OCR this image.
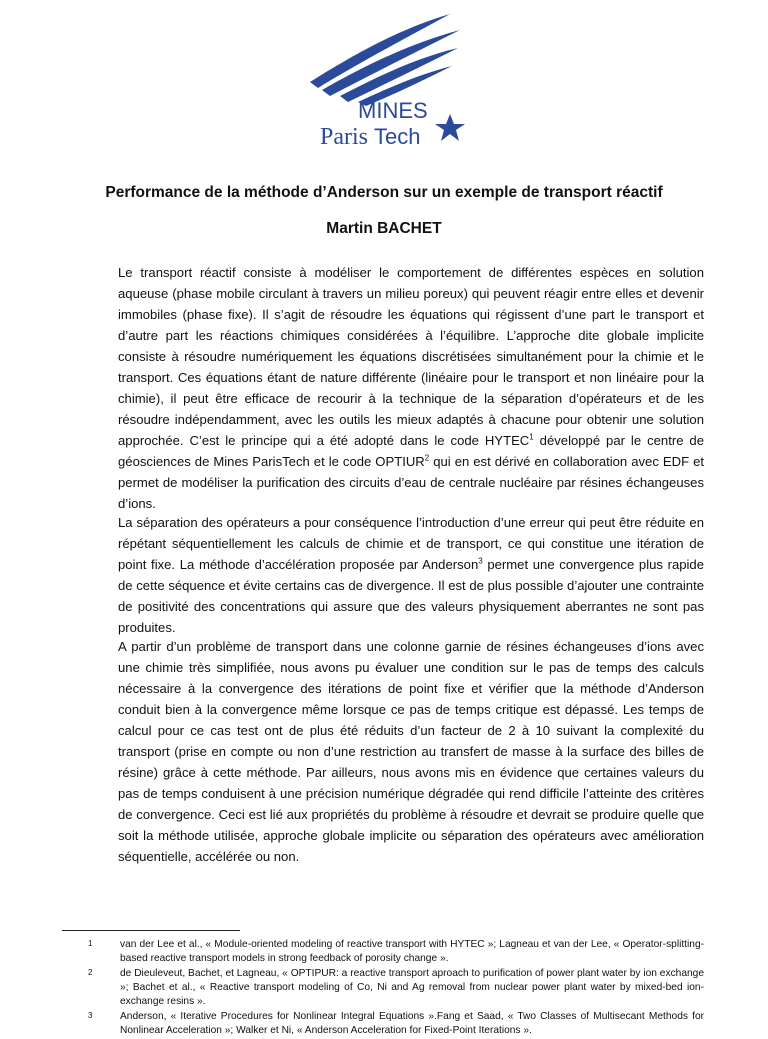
MINES
Paris Tech
Performance de la méthode d’Anderson sur un exemple de transport réactif
Martin BACHET

Le transport réactif consiste à modéliser le comportement de différentes espèces en solution aqueuse (phase mobile circulant à travers un milieu poreux) qui peuvent réagir entre elles et devenir immobiles (phase fixe). Il s’agit de résoudre les équations qui régissent d’une part le transport et d’autre part les réactions chimiques considérées à l’équilibre. L’approche dite globale implicite consiste à résoudre numériquement les équations discrétisées simultanément pour la chimie et le transport. Ces équations étant de nature différente (linéaire pour le transport et non linéaire pour la chimie), il peut être efficace de recourir à la technique de la séparation d’opérateurs et de les résoudre indépendamment, avec les outils les mieux adaptés à chacune pour obtenir une solution approchée. C’est le principe qui a été adopté dans le code HYTEC$^1$ développé par le centre de géosciences de Mines ParisTech et le code OPTIUR$^2$ qui en est dérivé en collaboration avec EDF et permet de modéliser la purification des circuits d’eau de centrale nucléaire par résines échangeuses d’ions.

La séparation des opérateurs a pour conséquence l’introduction d’une erreur qui peut être réduite en répétant séquentiellement les calculs de chimie et de transport, ce qui constitue une itération de point fixe. La méthode d’accélération proposée par Anderson$^3$ permet une convergence plus rapide de cette séquence et évite certains cas de divergence. Il est de plus possible d’ajouter une contrainte de positivité des concentrations qui assure que des valeurs physiquement aberrantes ne sont pas produites.

A partir d’un problème de transport dans une colonne garnie de résines échangeuses d’ions avec une chimie très simplifiée, nous avons pu évaluer une condition sur le pas de temps des calculs nécessaire à la convergence des itérations de point fixe et vérifier que la méthode d’Anderson conduit bien à la convergence même lorsque ce pas de temps critique est dépassé. Les temps de calcul pour ce cas test ont de plus été réduits d’un facteur de 2 à 10 suivant la complexité du transport (prise en compte ou non d’une restriction au transfert de masse à la surface des billes de résine) grâce à cette méthode. Par ailleurs, nous avons mis en évidence que certaines valeurs du pas de temps conduisent à une précision numérique dégradée qui rend difficile l’atteinte des critères de convergence. Ceci est lié aux propriétés du problème à résoudre et devrait se produire quelle que soit la méthode utilisée, approche globale implicite ou séparation des opérateurs avec amélioration séquentielle, accélérée ou non.

1	van der Lee et al., « Module-oriented modeling of reactive transport with HYTEC »; Lagneau et van der Lee, « Operator-splitting-based reactive transport models in strong feedback of porosity change ».
2	de Dieuleveut, Bachet, et Lagneau, « OPTIPUR: a reactive transport aproach to purification of power plant water by ion exchange »; Bachet et al., « Reactive transport modeling of Co, Ni and Ag removal from nuclear power plant water by mixed-bed ion-exchange resins ».
3	Anderson, « Iterative Procedures for Nonlinear Integral Equations ».Fang et Saad, « Two Classes of Multisecant Methods for Nonlinear Acceleration »; Walker et Ni, « Anderson Acceleration for Fixed-Point Iterations ».
